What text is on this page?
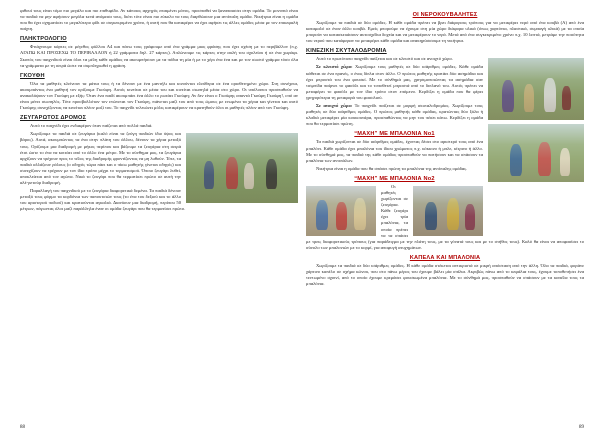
φιθουί τους είναι τόμο πιο μεγάλο και πιο επιθυφίδο. Αν κάποιος αρχηγός επαιμένει μόνος, προσπαθεί να ξαναπαισσει στην ομάδα. Το μονοπιό είναι να παιδιά να μην αφήσουν μεγάλα κενά ανάμεσα τους, διότι τότε είναι πιο εύκολο να τους διαρθώσουν μια αντίπαλη ομάδα. Νικήτρια είναι η ομάδα που θα έχει σχηματίσει το μεγαλύτερο φίδι σε συγκεκριμένο χρόνο, ή αυτή που θα καταφέρει να έχει αφήσει τις άλλες ομάδες μέσα με τον επικεφαλή παίχτη.

ΠΛΗΚΤΡΟΛΟΓΙΟ

Φτιάχνουμε κάρτες σε μέγεθος φύλλου Α4 και πάνω τους γράφουμε από ένα γράμμα μιας φράσης που έχει σχέση με το περιβάλλον (π.χ. ΑΓΑΠΩ ΚΑΙ ΠΡΟΣΕΧΩ ΤΟ ΠΕΡΙΒΑΛΛΟΝ ή 22 γράμματα δηλ. 27 κάρτες). Απλώνουμε τις κάρτες στην αυλή του σχολείου ή σε ένα χωράφι. Σκοπός του παιχνιδιού είναι όλοι τα μέλη κάθε ομάδας να ακουμπήσουν με τα πόδια τη μία ή με το χέρι ένα ένα και με τον σωστό γράμμα τόσο όλα τα γράμματα με τη σειρά ώστε να συμπληρωθεί η φράση.

ΓΚΟΥΦΗ

Όλα τα μαθητές κλείνουν τα μάτια τους ή τα δένουν με ένα μαντήλι και κινούνται ελεύθερα σε ένα οριοθετημένο χώρο. Στη συνέχεια, ακουμπάντας ένα μαθητή τον ορίζουμε Γκούφη. Αυτός κινείται σε μέσα του και κινείται σιωπηλά μέσα στο χώρο. Οι υπόλοιποι προσπαθούν να ανακαλύψουν τον Γκούφη με εξής: Όταν ένα παιδί ακουμπάει ένα άλλο το ρωτάει Γκούφη; Αν δεν είναι ο Γκούφης απαντά Γκούφη Γκούφη!, οπό αν είναι μένει σιωπηλός. Τότε προσβαλλόταν τον ενώνεται τον Γκούφη, πιάνεται μαζί του από τους ώμους με ενωμένα τα χέρια και γίνεται και αυτό Γκούφης συνεχίζοντας να κινείται πλέον μαζί του. Το παιχνίδι τελειώνει μόλις καταφέρουν να κρατηθούν όλοι οι μαθητές πλέον από τον Γκούφη.

ΖΕΥΓΑΡΩΤΟΣ ΔΡΟΜΟΣ

Αυτό το παιχνίδι έχει ενδιαφέρον όταν παίζεται από πολλά παιδιά.

Χωρίζουμε τα παιδιά σε ζευγάρια (καλό είναι τα ζεύγη παιδιών ίδιο ύψος και βάρος). Αυτά, ακουμπώντας τα ένα στην πλάτη του άλλου, δένουν τα χέρια μεταξύ τους. Ορίζουμε μια διαδρομή με μήκος περίπου και βάζουμε τα ζευγάρια στη σειρά έτσι ώστε το ένα να κοιτάει από το άλλο ένα μέτρο. Με το σύνθημα μας, τα ζευγάρια αρχίζουν να τρέχουν προς το τέλος της διαδρομής φροντίζοντας να μη λυθούν. Τότε, τα παιδιά αλλάζουν ρόλους (ο οδηγός τώρα πάει και ο πίσω μαθητής γίνεται οδηγός) και συνεχίζουν να τρέχουν με τον ίδιο τρόπο μέχρι το τερματισμού. Όποιο ζευγάρι λυθεί, αποκλείεται από τον αγώνα. Νικά το ζευγάρι που θα τερματίσει πρώτο σε αυτή την αλέ-ρετούρ διαδρομή.

Παραλλαγή του παιχνιδιού με το ζευγάρια διαφορετικά δεμένα. Τα παιδιά δένουν μεταξύ τους φόρμο τα κορδόνια των παπουτσιών τους (το ένα του δεξιού και το άλλο του αριστερού ποδιού) και κρατιούνται αγκαλιά. Διανύουν μια διαδρομή, περίπου 50 μέτρων, πάγωντας όλοι μαζί παράλληλα έναν οι ομάδα ζευγάρι που θα τερματίσει πρώτο.

88
ΟΙ ΝΕΡΟΚΟΥΒΑΛΗΤΕΣ

Χωρίζουμε τα παιδιά σε δύο ομάδες. Η κάθε ομάδα πρέπει να βρει διάφορους τρόπους για να μεταφέρει νερό από ένα κουβά (Α) από ένα καταμαλό σε έναν άλλο κουβά. Εμείς μπορούμε να έχουμε στη μία χώρο διάφορα υλικά (όπως χαρτόνια, πλαστικά, συμπαγή υλικά) με τα οποία μπορούν να κατασκευάσουν αυτοσχέδια δοχεία και να μεταφέρουν το νερό. Μετά από ένα συγκεκριμένο χρόνο π.χ. 10 λεπτά, μετράμε την ποσότητα του νερού που κατάφεραν να μεταφέρει κάθε ομάδα και ανακηρύσσουμε τη νικήτρια.

ΚΙΝΕΖΙΚΗ ΣΚΥΤΑΛΟΔΡΟΜΙΑ

Αυτό το πρωτότυπο παιχνίδι παίζεται και σε κλειστό και σε ανοιχτό χώρο.

Σε κλειστό χώρο: Χωρίζουμε τους μαθητές σε δύο ισάριθμες ομάδες. Κάθε ομάδα κάθεται σε ένα πρανές, ο ένας δίπλα στον άλλο. Ο πρώτος μαθητής κρατάει δύο ασημάδια και έχει μπροστά του ένα φουσκί. Με το σύνθημά μας, χρησιμοποιώντας τα ασημάδια σαν τσιμπίδα παίρνει το φασόλι και το τοποθετεί μπροστά από το διπλανό του. Αυτός πρέπει να μεταφέρει το φασόλι με τον ίδιο τρόπο στον επόμενο. Κερδίζει η ομάδα που θα φέρει γρηγορότερα τη μεταφορά του φασολιού.

Σε ανοιχτό χώρο: Το παιχνίδι παίζεται σε μορφή σκυταλοδρομίας. Χωρίζουμε τους μαθητές σε δύο ισάριθμες ομάδες. Ο πρώτος μαθητής κάθε ομάδας, κρατώντας δύο ξύλα ή κλαδιά μεταφέρει μία κουκουνάρα, προσπαθώντας να μην του πέσει κάτω. Κερδίζει η ομάδα που θα τερματίσει πρώτη.

“ΜΑΧΗ” ΜΕ ΜΠΑΛΟΝΙΑ Νο1

Τα παιδιά χωρίζονται σε δύο ισάριθμες ομάδες, έχοντας δέσει στο αριστερό τους από ένα μπαλόνι. Κάθε ομάδα έχει μπαλόνια του ίδιου χρώματος π.χ. κόκκινο ή μπλε, κίτρινο ή άλλο. Με το σύνθημά μας, τα παιδιά της κάθε ομάδας προσπαθούν να πατήσουν και να σπάσουν τα μπαλόνια των αντιπάλων.

Νικήτρια είναι η ομάδα που θα σπάσει πρώτη τα μπαλόνια της αντίπαλης ομάδας.

“ΜΑΧΗ” ΜΕ ΜΠΑΛΟΝΙΑ Νο2

Οι μαθητές χωρίζονται σε ζευγάρια. Κάθε ζευγάρι έχει τρία μπαλόνια, τα οποία πρέπει να τα σπάσει με τρεις διαφορετικούς τρόπους (για παράδειγμα με την πλάτη τους, με τα γόνατά τους και με το στήθος τους). Καλό θα είναι να αποφασίσει το σύνολο των μπαλονιών με το κορμί, για αποφυγή ατυχημάτων.

ΚΑΠΕΛΑ ΚΑΙ ΜΠΑΛΟΝΙΑ

Χωρίζουμε τα παιδιά σε δύο ισάριθμες ομάδες. Η κάθε ομάδα στέκεται αντικριστά σε μικρή απόσταση από την άλλη. Όλα τα παιδιά, φοράνε χάρτινο καπέλο σε σχήμα κώνου, που στο πάνω μέρος του έχουμε βάλει μία σπίλια. Ακριβώς πάνω από το κεφάλια τους, έχουμε τοποθετήσει ένα τεντωμένο σχοινί, από το οποίο έχουμε κρεμάσει φουσκωμένα μπαλόνια. Με το σύνθημά μας, προσπαθούν να σπάσουν με τα καπέλα τους τα μπαλόνια.

89
